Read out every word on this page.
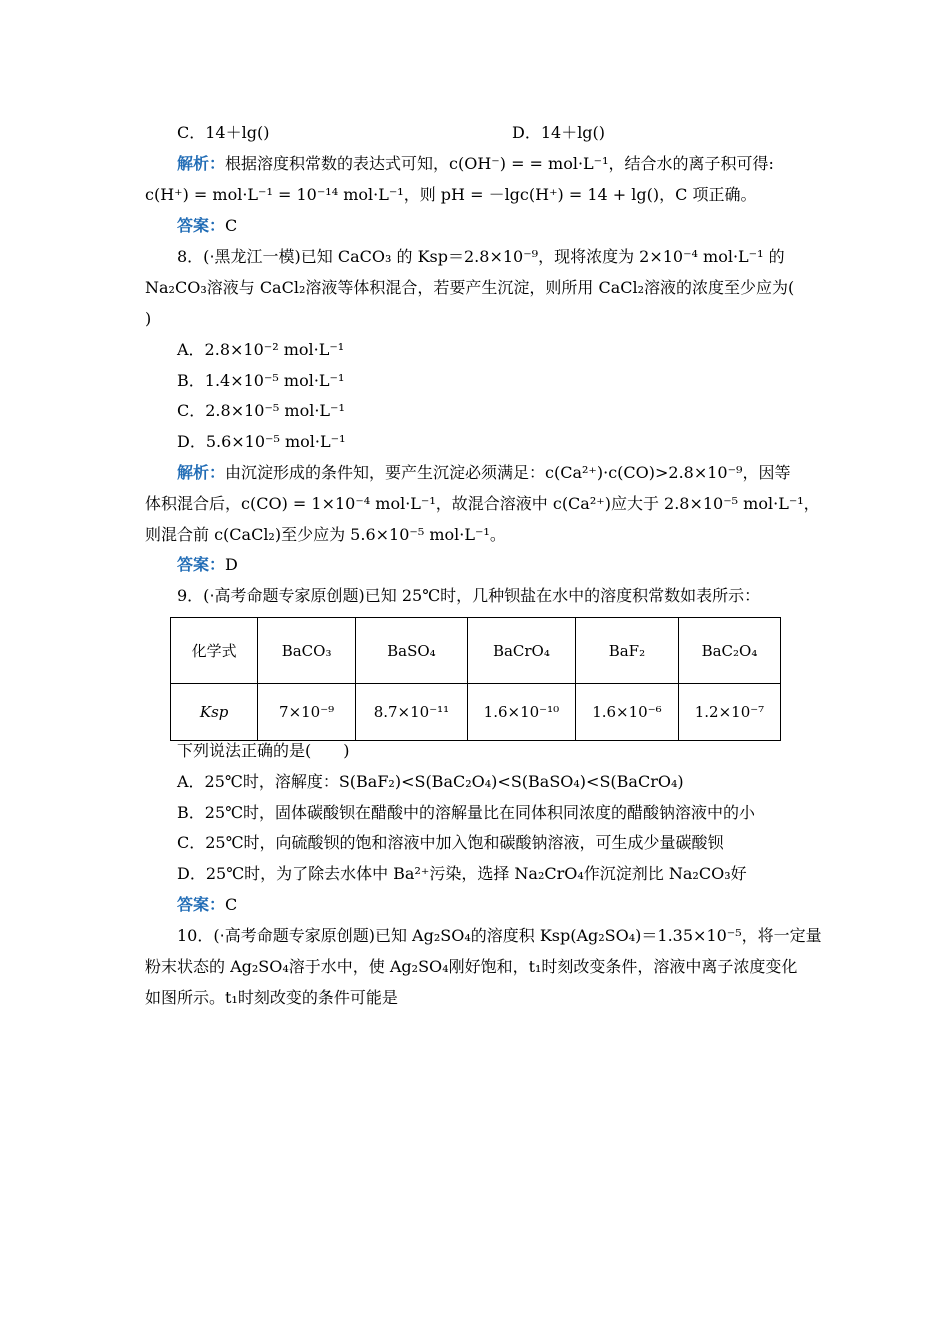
C．14＋lg()	D．14＋lg()
解析：根据溶度积常数的表达式可知，c(OH⁻) = = mol·L⁻¹，结合水的离子积可得:
c(H⁺) = mol·L⁻¹ = 10⁻¹⁴ mol·L⁻¹，则 pH = －lgc(H⁺) = 14 + lg()，C 项正确。
答案：C
8．(·黑龙江一模)已知 CaCO₃ 的 Ksp＝2.8×10⁻⁹，现将浓度为 2×10⁻⁴ mol·L⁻¹ 的
Na₂CO₃溶液与 CaCl₂溶液等体积混合，若要产生沉淀，则所用 CaCl₂溶液的浓度至少应为(
)
A．2.8×10⁻² mol·L⁻¹
B．1.4×10⁻⁵ mol·L⁻¹
C．2.8×10⁻⁵ mol·L⁻¹
D．5.6×10⁻⁵ mol·L⁻¹
解析：由沉淀形成的条件知，要产生沉淀必须满足：c(Ca²⁺)·c(CO)>2.8×10⁻⁹，因等
体积混合后，c(CO) = 1×10⁻⁴ mol·L⁻¹，故混合溶液中 c(Ca²⁺)应大于 2.8×10⁻⁵ mol·L⁻¹，
则混合前 c(CaCl₂)至少应为 5.6×10⁻⁵ mol·L⁻¹。
答案：D
9．(·高考命题专家原创题)已知 25℃时，几种钡盐在水中的溶度积常数如表所示：
化学式	BaCO₃	BaSO₄	BaCrO₄	BaF₂	BaC₂O₄
Ksp	7×10⁻⁹	8.7×10⁻¹¹	1.6×10⁻¹⁰	1.6×10⁻⁶	1.2×10⁻⁷
下列说法正确的是(　　)
A．25℃时，溶解度：S(BaF₂)<S(BaC₂O₄)<S(BaSO₄)<S(BaCrO₄)
B．25℃时，固体碳酸钡在醋酸中的溶解量比在同体积同浓度的醋酸钠溶液中的小
C．25℃时，向硫酸钡的饱和溶液中加入饱和碳酸钠溶液，可生成少量碳酸钡
D．25℃时，为了除去水体中 Ba²⁺污染，选择 Na₂CrO₄作沉淀剂比 Na₂CO₃好
答案：C
10．(·高考命题专家原创题)已知 Ag₂SO₄的溶度积 Ksp(Ag₂SO₄)＝1.35×10⁻⁵，将一定量
粉末状态的 Ag₂SO₄溶于水中，使 Ag₂SO₄刚好饱和，t₁时刻改变条件，溶液中离子浓度变化
如图所示。t₁时刻改变的条件可能是
